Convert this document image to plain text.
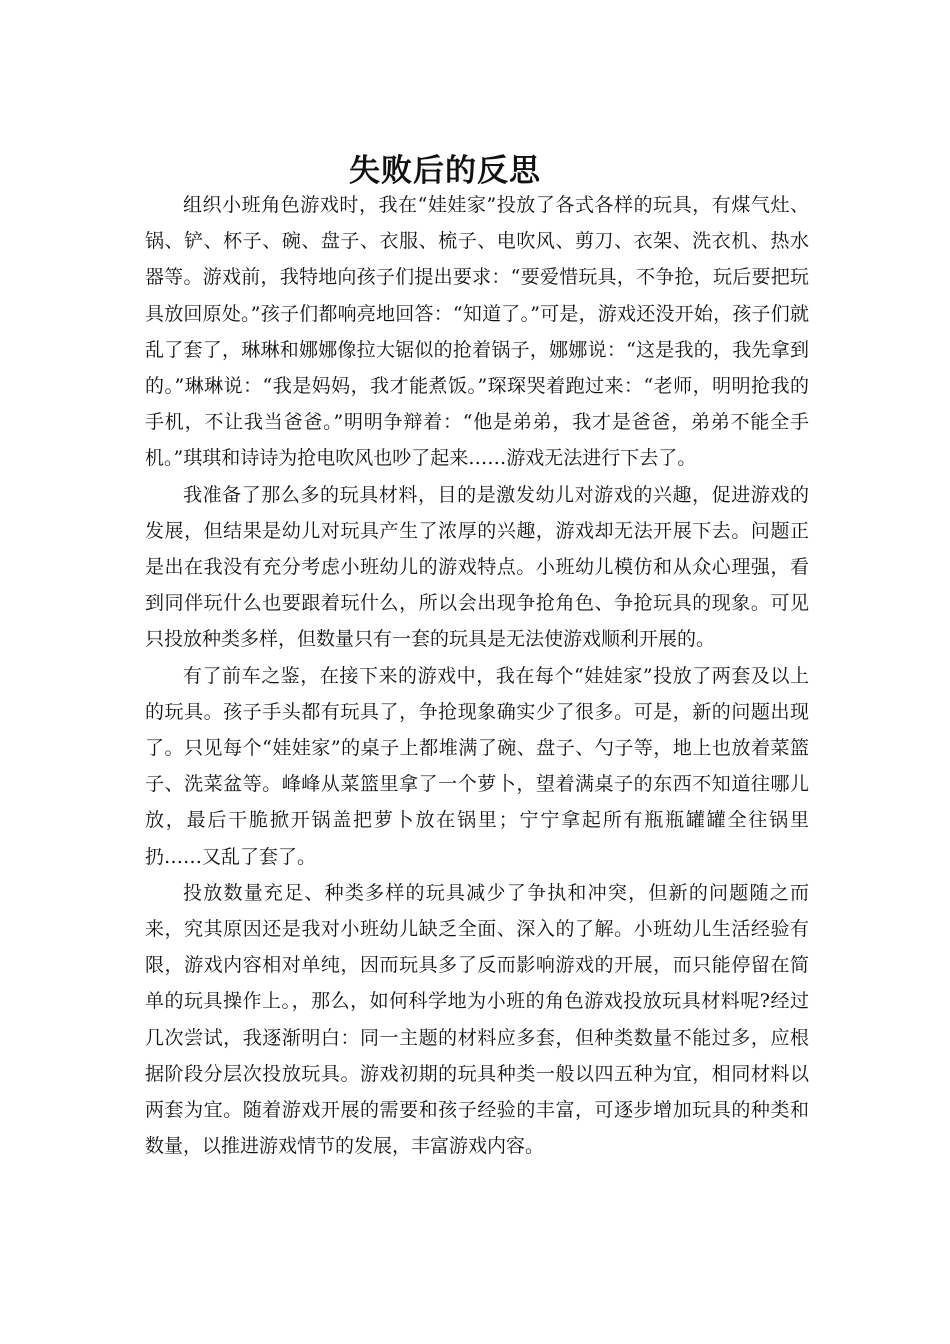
失败后的反思

组织小班角色游戏时，我在“娃娃家”投放了各式各样的玩具，有煤气灶、锅、铲、杯子、碗、盘子、衣服、梳子、电吹风、剪刀、衣架、洗衣机、热水器等。游戏前，我特地向孩子们提出要求：“要爱惜玩具，不争抢，玩后要把玩具放回原处。”孩子们都响亮地回答：“知道了。”可是，游戏还没开始，孩子们就乱了套了，琳琳和娜娜像拉大锯似的抢着锅子，娜娜说：“这是我的，我先拿到的。”琳琳说：“我是妈妈，我才能煮饭。”琛琛哭着跑过来：“老师，明明抢我的手机，不让我当爸爸。”明明争辩着：“他是弟弟，我才是爸爸，弟弟不能全手机。”琪琪和诗诗为抢电吹风也吵了起来……游戏无法进行下去了。

我准备了那么多的玩具材料，目的是激发幼儿对游戏的兴趣，促进游戏的发展，但结果是幼儿对玩具产生了浓厚的兴趣，游戏却无法开展下去。问题正是出在我没有充分考虑小班幼儿的游戏特点。小班幼儿模仿和从众心理强，看到同伴玩什么也要跟着玩什么，所以会出现争抢角色、争抢玩具的现象。可见只投放种类多样，但数量只有一套的玩具是无法使游戏顺利开展的。

有了前车之鉴，在接下来的游戏中，我在每个“娃娃家”投放了两套及以上的玩具。孩子手头都有玩具了，争抢现象确实少了很多。可是，新的问题出现了。只见每个“娃娃家”的桌子上都堆满了碗、盘子、勺子等，地上也放着菜篮子、洗菜盆等。峰峰从菜篮里拿了一个萝卜，望着满桌子的东西不知道往哪儿放，最后干脆掀开锅盖把萝卜放在锅里；宁宁拿起所有瓶瓶罐罐全往锅里扔……又乱了套了。

投放数量充足、种类多样的玩具减少了争执和冲突，但新的问题随之而来，究其原因还是我对小班幼儿缺乏全面、深入的了解。小班幼儿生活经验有限，游戏内容相对单纯，因而玩具多了反而影响游戏的开展，而只能停留在简单的玩具操作上。，那么，如何科学地为小班的角色游戏投放玩具材料呢?经过几次尝试，我逐渐明白：同一主题的材料应多套，但种类数量不能过多，应根据阶段分层次投放玩具。游戏初期的玩具种类一般以四五种为宜，相同材料以两套为宜。随着游戏开展的需要和孩子经验的丰富，可逐步增加玩具的种类和数量，以推进游戏情节的发展，丰富游戏内容。
